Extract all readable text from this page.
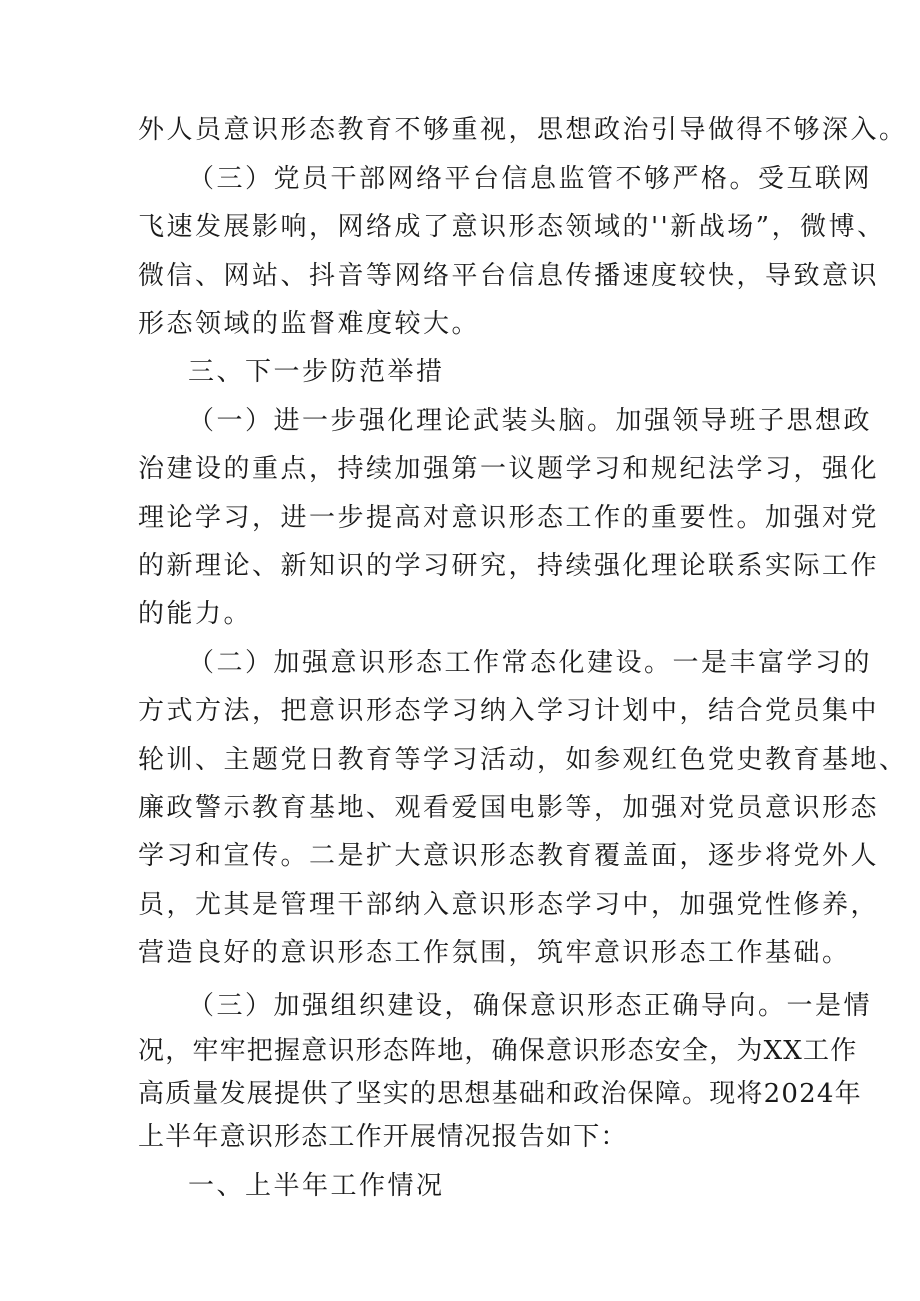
外人员意识形态教育不够重视，思想政治引导做得不够深入。
（三）党员干部网络平台信息监管不够严格。受互联网
飞速发展影响，网络成了意识形态领域的''新战场”，微博、
微信、网站、抖音等网络平台信息传播速度较快，导致意识
形态领域的监督难度较大。
三、下一步防范举措
（一）进一步强化理论武装头脑。加强领导班子思想政
治建设的重点，持续加强第一议题学习和规纪法学习，强化
理论学习，进一步提高对意识形态工作的重要性。加强对党
的新理论、新知识的学习研究，持续强化理论联系实际工作
的能力。
（二）加强意识形态工作常态化建设。一是丰富学习的
方式方法，把意识形态学习纳入学习计划中，结合党员集中
轮训、主题党日教育等学习活动，如参观红色党史教育基地、
廉政警示教育基地、观看爱国电影等，加强对党员意识形态
学习和宣传。二是扩大意识形态教育覆盖面，逐步将党外人
员，尤其是管理干部纳入意识形态学习中，加强党性修养，
营造良好的意识形态工作氛围，筑牢意识形态工作基础。
（三）加强组织建设，确保意识形态正确导向。一是情
况，牢牢把握意识形态阵地，确保意识形态安全，为XX工作
高质量发展提供了坚实的思想基础和政治保障。现将2024年
上半年意识形态工作开展情况报告如下：
一、上半年工作情况
